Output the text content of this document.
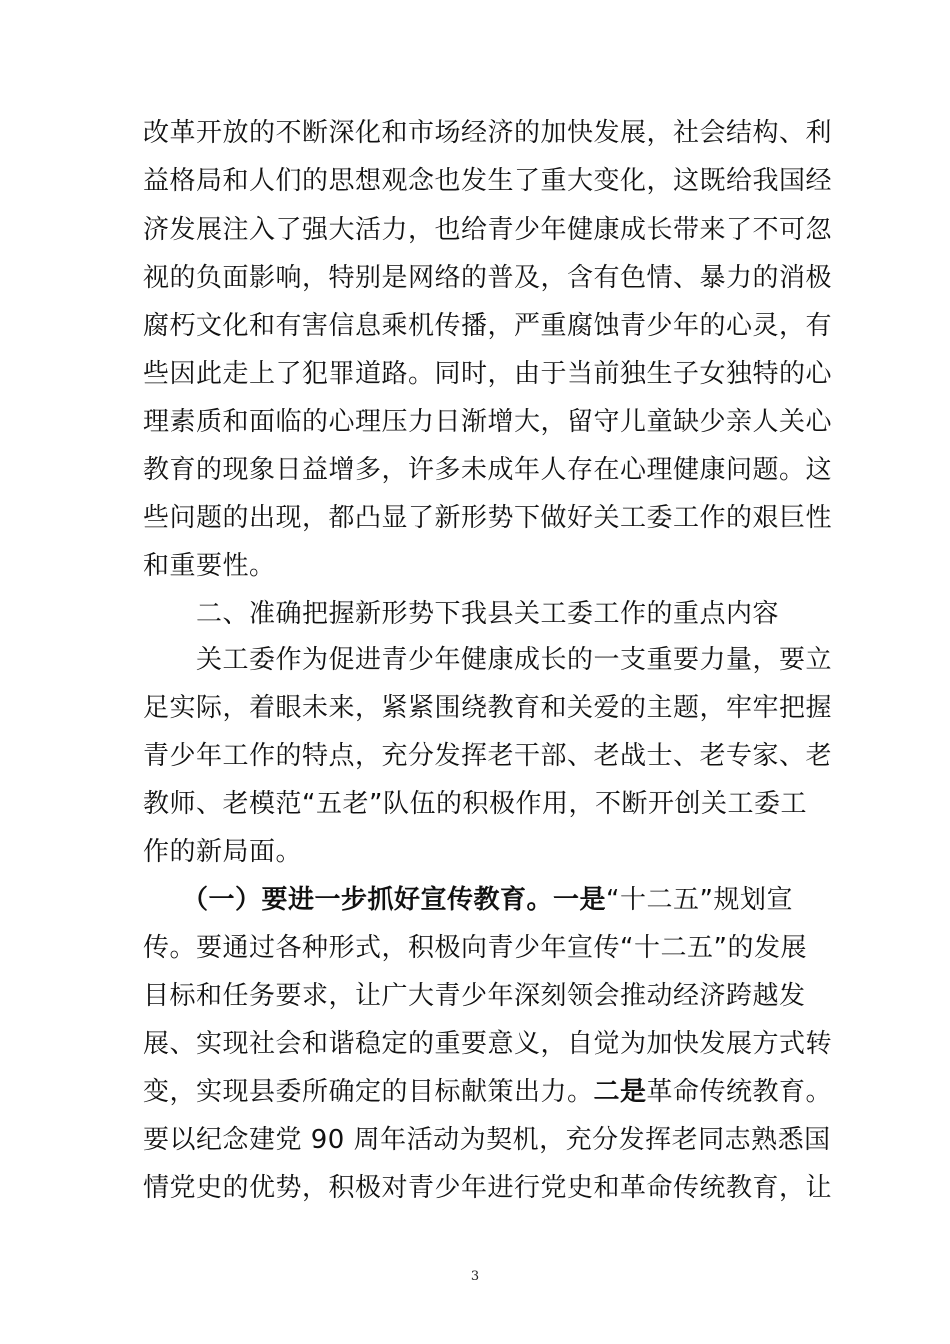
改革开放的不断深化和市场经济的加快发展，社会结构、利
益格局和人们的思想观念也发生了重大变化，这既给我国经
济发展注入了强大活力，也给青少年健康成长带来了不可忽
视的负面影响，特别是网络的普及，含有色情、暴力的消极
腐朽文化和有害信息乘机传播，严重腐蚀青少年的心灵，有
些因此走上了犯罪道路。同时，由于当前独生子女独特的心
理素质和面临的心理压力日渐增大，留守儿童缺少亲人关心
教育的现象日益增多，许多未成年人存在心理健康问题。这
些问题的出现，都凸显了新形势下做好关工委工作的艰巨性
和重要性。
二、准确把握新形势下我县关工委工作的重点内容
关工委作为促进青少年健康成长的一支重要力量，要立
足实际，着眼未来，紧紧围绕教育和关爱的主题，牢牢把握
青少年工作的特点，充分发挥老干部、老战士、老专家、老
教师、老模范“五老”队伍的积极作用，不断开创关工委工
作的新局面。
（一）要进一步抓好宣传教育。一是“十二五”规划宣
传。要通过各种形式，积极向青少年宣传“十二五”的发展
目标和任务要求，让广大青少年深刻领会推动经济跨越发
展、实现社会和谐稳定的重要意义，自觉为加快发展方式转
变，实现县委所确定的目标献策出力。二是革命传统教育。
要以纪念建党 90 周年活动为契机，充分发挥老同志熟悉国
情党史的优势，积极对青少年进行党史和革命传统教育，让
3
